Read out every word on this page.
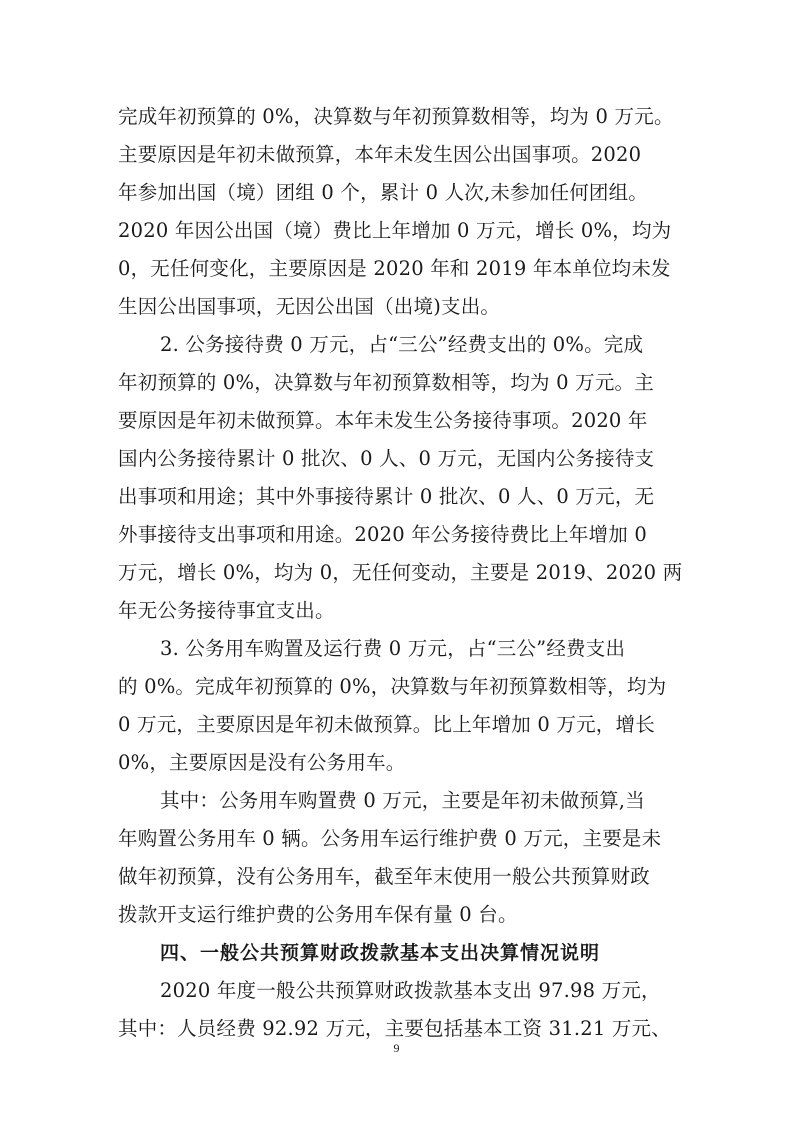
完成年初预算的 0%，决算数与年初预算数相等，均为 0 万元。
主要原因是年初未做预算，本年未发生因公出国事项。2020
年参加出国（境）团组 0 个，累计 0 人次,未参加任何团组。
2020 年因公出国（境）费比上年增加 0 万元，增长 0%，均为
0，无任何变化，主要原因是 2020 年和 2019 年本单位均未发
生因公出国事项，无因公出国（出境)支出。
2. 公务接待费 0 万元，占“三公”经费支出的 0%。完成
年初预算的 0%，决算数与年初预算数相等，均为 0 万元。主
要原因是年初未做预算。本年未发生公务接待事项。2020 年
国内公务接待累计 0 批次、0 人、0 万元，无国内公务接待支
出事项和用途；其中外事接待累计 0 批次、0 人、0 万元，无
外事接待支出事项和用途。2020 年公务接待费比上年增加 0
万元，增长 0%，均为 0，无任何变动，主要是 2019、2020 两
年无公务接待事宜支出。
3. 公务用车购置及运行费 0 万元，占“三公”经费支出
的 0%。完成年初预算的 0%，决算数与年初预算数相等，均为
0 万元，主要原因是年初未做预算。比上年增加 0 万元，增长
0%，主要原因是没有公务用车。
其中：公务用车购置费 0 万元，主要是年初未做预算,当
年购置公务用车 0 辆。公务用车运行维护费 0 万元，主要是未
做年初预算，没有公务用车，截至年末使用一般公共预算财政
拨款开支运行维护费的公务用车保有量 0 台。
四、一般公共预算财政拨款基本支出决算情况说明
2020 年度一般公共预算财政拨款基本支出 97.98 万元，
其中：人员经费 92.92 万元，主要包括基本工资 31.21 万元、
9
